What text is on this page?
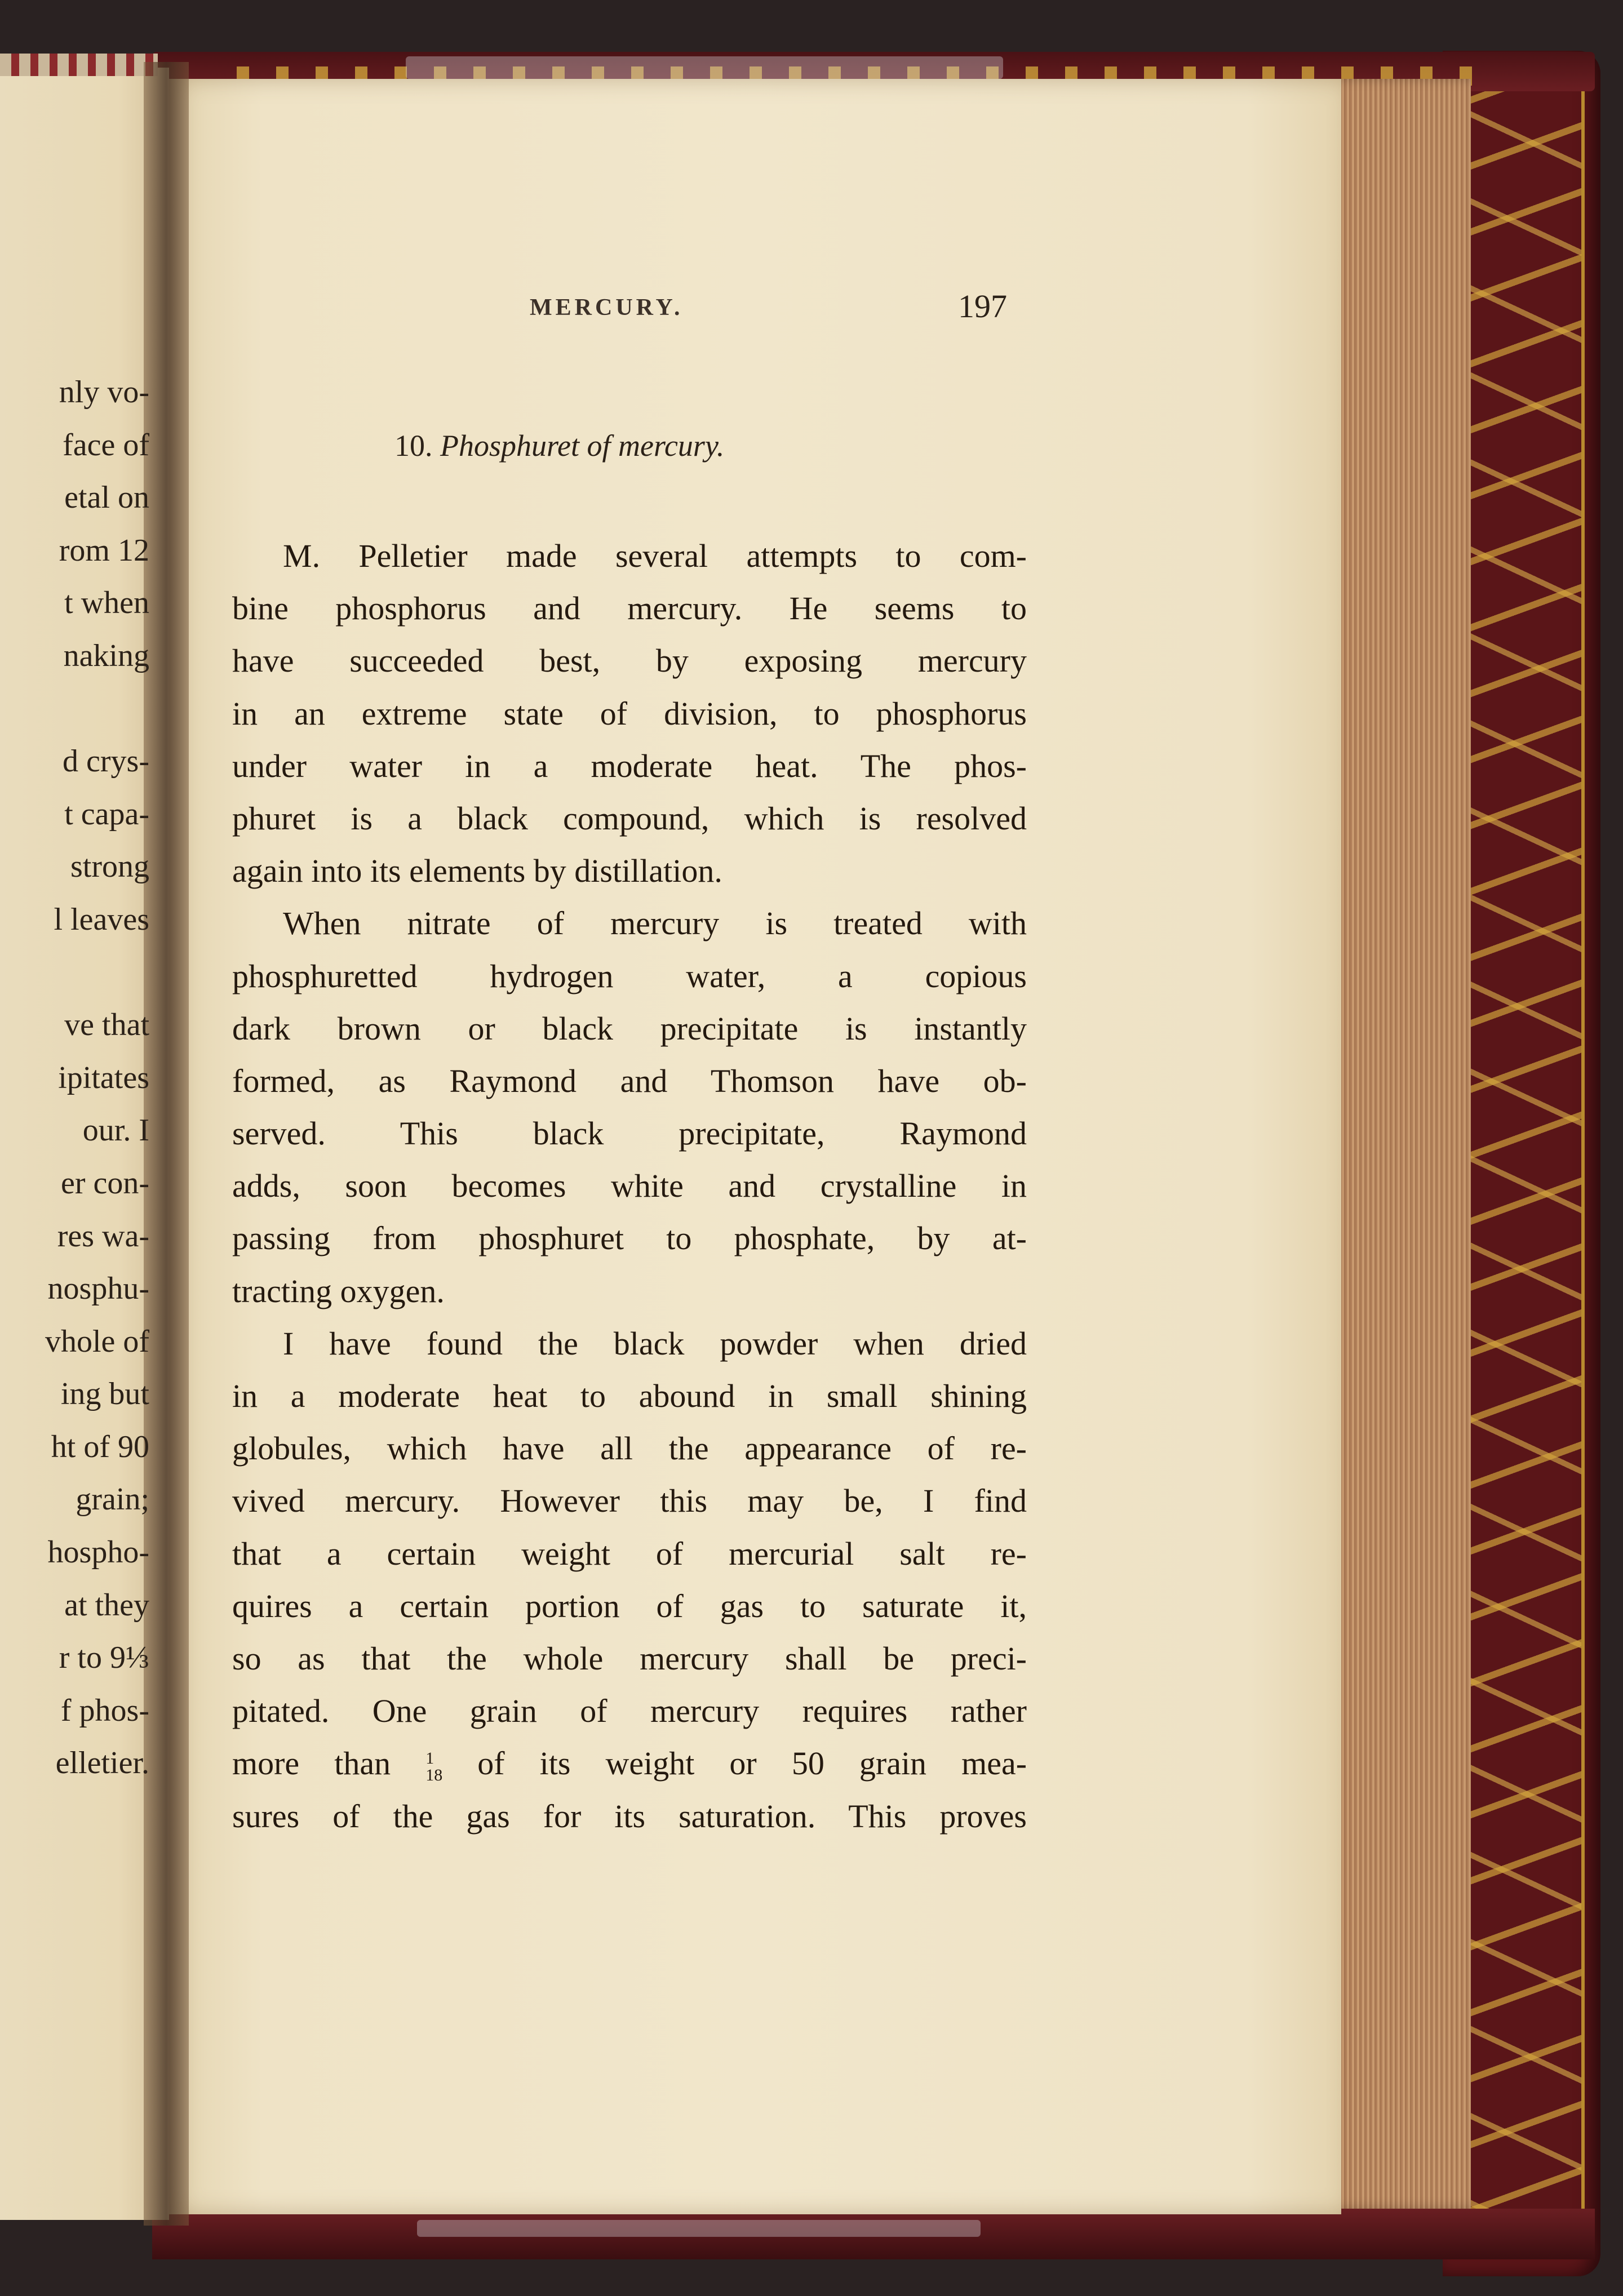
nly vo-
face of
etal on
rom 12
t when
naking

d crys-
t capa-
strong
l leaves

ve that
ipitates
our. I
er con-
res wa-
nosphu-
vhole of
ing but
ht of 90
grain;
hospho-
at they
r to 9⅓
f phos-
elletier.
MERCURY.	197
10. Phosphuret of mercury.
M. Pelletier made several attempts to com-
bine phosphorus and mercury. He seems to
have succeeded best, by exposing mercury
in an extreme state of division, to phosphorus
under water in a moderate heat. The phos-
phuret is a black compound, which is resolved
again into its elements by distillation.
When nitrate of mercury is treated with
phosphuretted hydrogen water, a copious
dark brown or black precipitate is instantly
formed, as Raymond and Thomson have ob-
served. This black precipitate, Raymond
adds, soon becomes white and crystalline in
passing from phosphuret to phosphate, by at-
tracting oxygen.
I have found the black powder when dried
in a moderate heat to abound in small shining
globules, which have all the appearance of re-
vived mercury. However this may be, I find
that a certain weight of mercurial salt re-
quires a certain portion of gas to saturate it,
so as that the whole mercury shall be preci-
pitated. One grain of mercury requires rather
more than 1
18 of its weight or 50 grain mea-
sures of the gas for its saturation. This proves
